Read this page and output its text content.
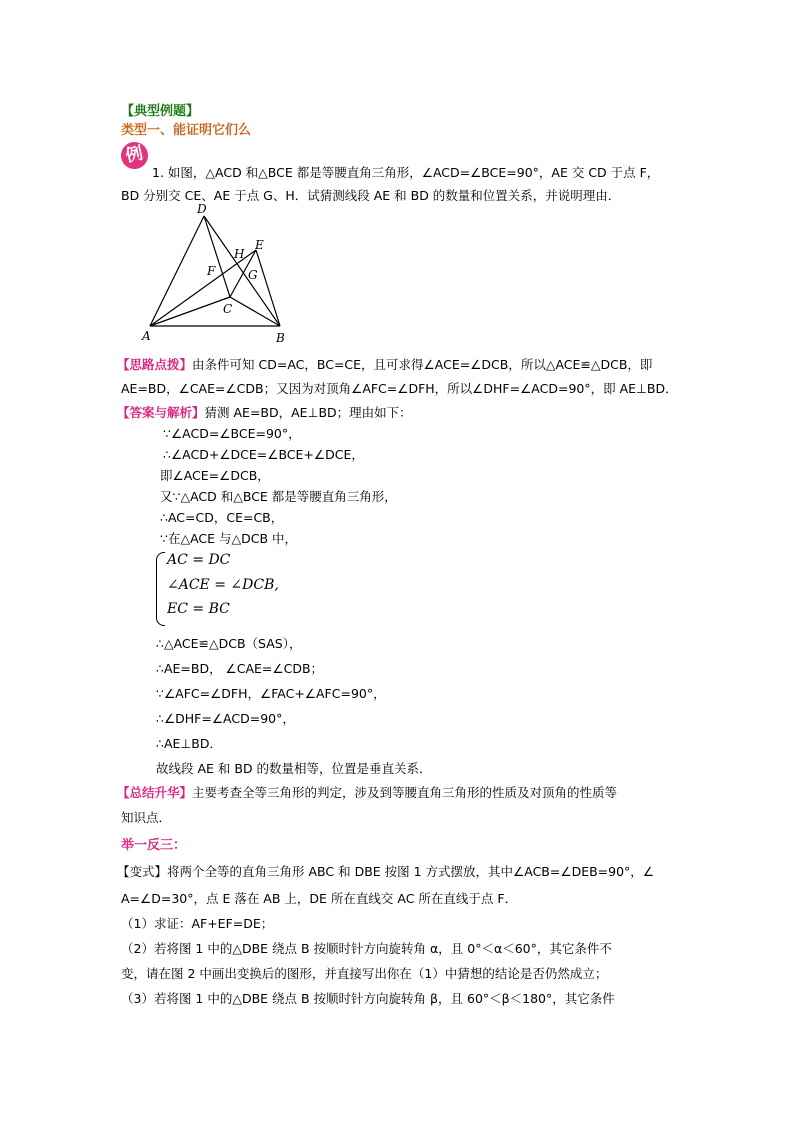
【典型例题】
类型一、能证明它们么
例
1. 如图，△ACD 和△BCE 都是等腰直角三角形，∠ACD=∠BCE=90°，AE 交 CD 于点 F，
BD 分别交 CE、AE 于点 G、H．试猜测线段 AE 和 BD 的数量和位置关系，并说明理由．
D
E
H
F	G
C
A	B
【思路点拨】由条件可知 CD=AC，BC=CE，且可求得∠ACE=∠DCB，所以△ACE≌△DCB，即
AE=BD，∠CAE=∠CDB；又因为对顶角∠AFC=∠DFH，所以∠DHF=∠ACD=90°，即 AE⊥BD．
【答案与解析】猜测 AE=BD，AE⊥BD；理由如下：
∵∠ACD=∠BCE=90°，
∴∠ACD+∠DCE=∠BCE+∠DCE，
即∠ACE=∠DCB，
又∵△ACD 和△BCE 都是等腰直角三角形，
∴AC=CD，CE=CB，
∵在△ACE 与△DCB 中，
AC = DC
∠ACE = ∠DCB,
EC = BC
∴△ACE≌△DCB（SAS），
∴AE=BD， ∠CAE=∠CDB；
∵∠AFC=∠DFH，∠FAC+∠AFC=90°，
∴∠DHF=∠ACD=90°，
∴AE⊥BD．
故线段 AE 和 BD 的数量相等，位置是垂直关系．
【总结升华】主要考查全等三角形的判定，涉及到等腰直角三角形的性质及对顶角的性质等
知识点．
举一反三：
【变式】将两个全等的直角三角形 ABC 和 DBE 按图 1 方式摆放，其中∠ACB=∠DEB=90°，∠
A=∠D=30°，点 E 落在 AB 上，DE 所在直线交 AC 所在直线于点 F．
（1）求证：AF+EF=DE；
（2）若将图 1 中的△DBE 绕点 B 按顺时针方向旋转角 α，且 0°＜α＜60°，其它条件不
变，请在图 2 中画出变换后的图形，并直接写出你在（1）中猜想的结论是否仍然成立；
（3）若将图 1 中的△DBE 绕点 B 按顺时针方向旋转角 β，且 60°＜β＜180°，其它条件
